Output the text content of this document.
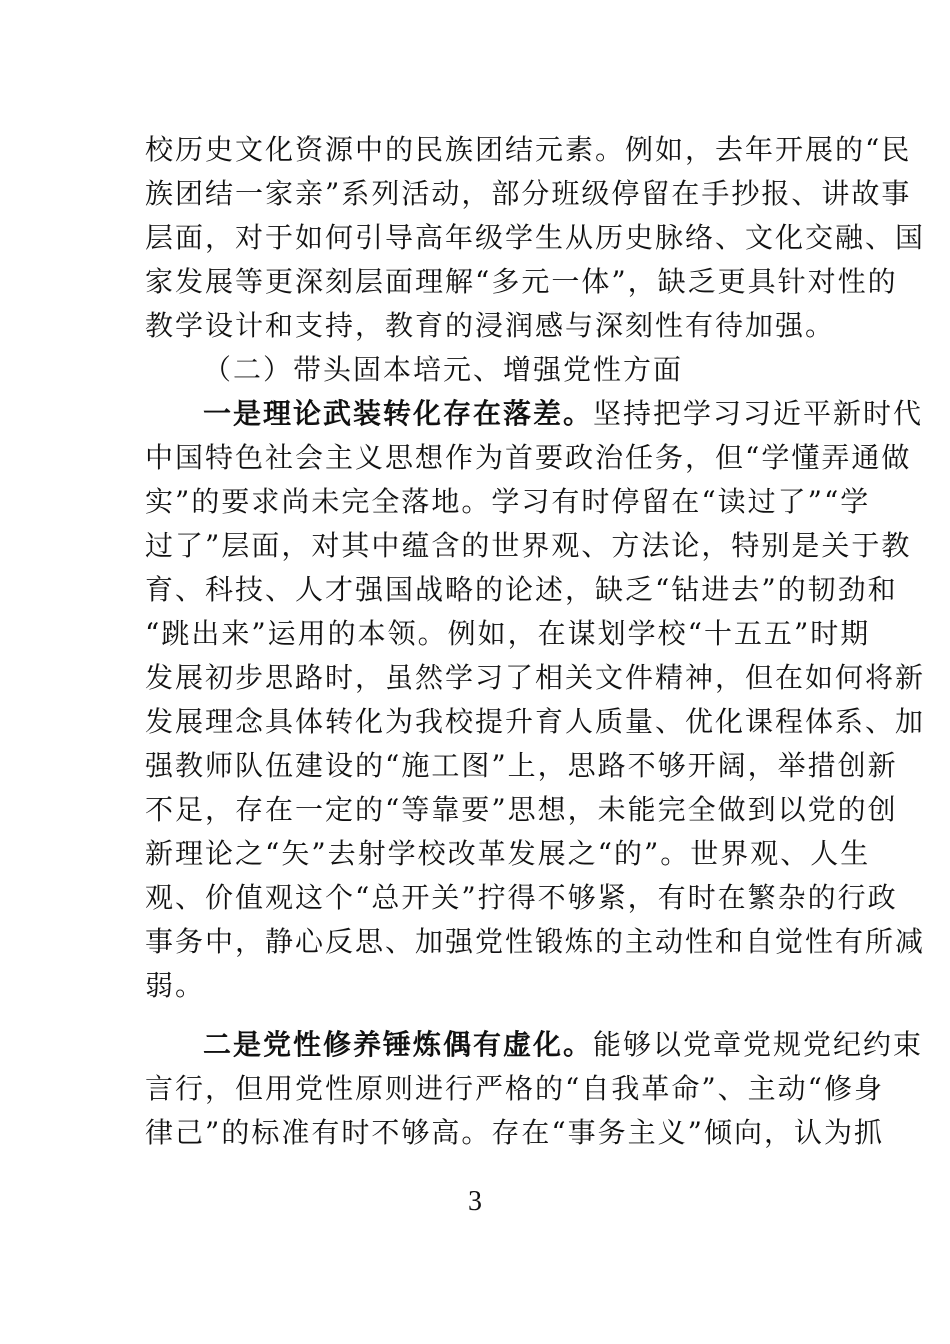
校历史文化资源中的民族团结元素。例如，去年开展的“民
族团结一家亲”系列活动，部分班级停留在手抄报、讲故事
层面，对于如何引导高年级学生从历史脉络、文化交融、国
家发展等更深刻层面理解“多元一体”，缺乏更具针对性的
教学设计和支持，教育的浸润感与深刻性有待加强。
（二）带头固本培元、增强党性方面
一是理论武装转化存在落差。坚持把学习习近平新时代
中国特色社会主义思想作为首要政治任务，但“学懂弄通做
实”的要求尚未完全落地。学习有时停留在“读过了”“学
过了”层面，对其中蕴含的世界观、方法论，特别是关于教
育、科技、人才强国战略的论述，缺乏“钻进去”的韧劲和
“跳出来”运用的本领。例如，在谋划学校“十五五”时期
发展初步思路时，虽然学习了相关文件精神，但在如何将新
发展理念具体转化为我校提升育人质量、优化课程体系、加
强教师队伍建设的“施工图”上，思路不够开阔，举措创新
不足，存在一定的“等靠要”思想，未能完全做到以党的创
新理论之“矢”去射学校改革发展之“的”。世界观、人生
观、价值观这个“总开关”拧得不够紧，有时在繁杂的行政
事务中，静心反思、加强党性锻炼的主动性和自觉性有所减
弱。
二是党性修养锤炼偶有虚化。能够以党章党规党纪约束
言行，但用党性原则进行严格的“自我革命”、主动“修身
律己”的标准有时不够高。存在“事务主义”倾向，认为抓
3
